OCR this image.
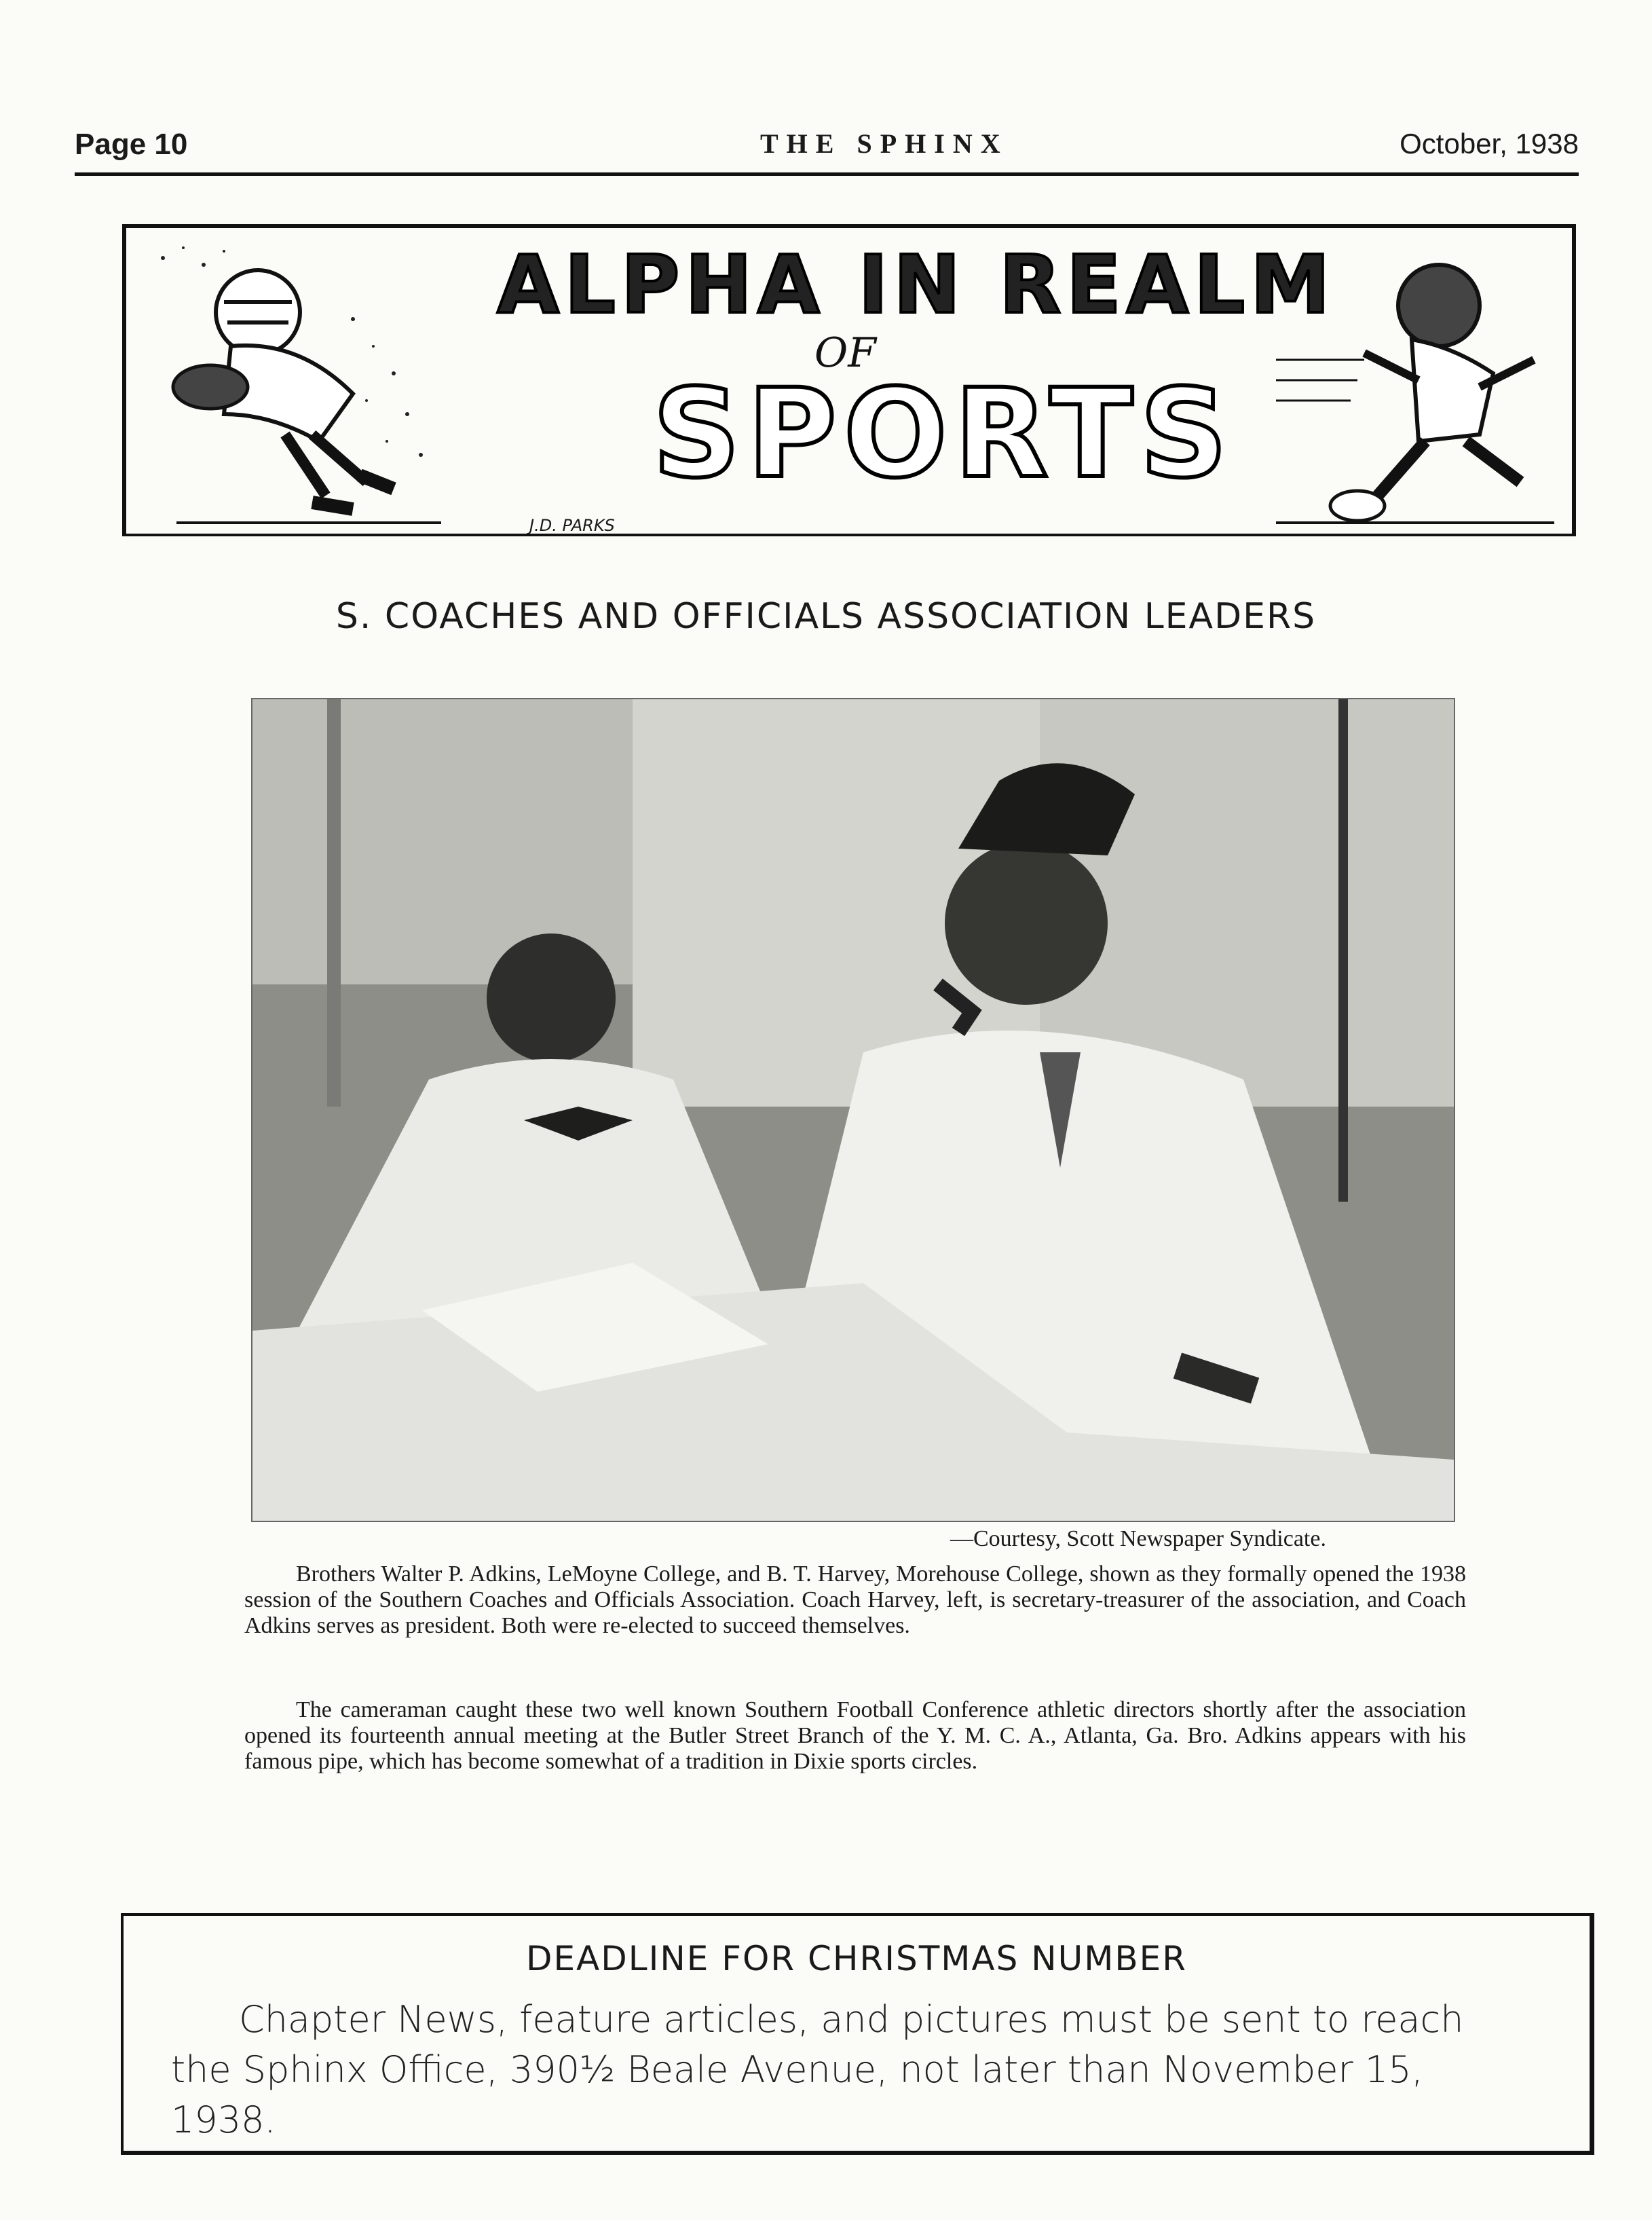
Page 10	THE SPHINX	October, 1938
ALPHA IN REALM
OF
SPORTS
J.D. PARKS
S. COACHES AND OFFICIALS ASSOCIATION LEADERS
—Courtesy, Scott Newspaper Syndicate.

Brothers Walter P. Adkins, LeMoyne College, and B. T. Harvey, Morehouse College, shown as they formally opened the 1938 session of the Southern Coaches and Officials Association. Coach Harvey, left, is secretary-treasurer of the association, and Coach Adkins serves as president. Both were re-elected to succeed themselves.

The cameraman caught these two well known Southern Football Conference athletic directors shortly after the association opened its fourteenth annual meeting at the Butler Street Branch of the Y. M. C. A., Atlanta, Ga. Bro. Adkins appears with his famous pipe, which has become somewhat of a tradition in Dixie sports circles.

DEADLINE FOR CHRISTMAS NUMBER

Chapter News, feature articles, and pictures must be sent to reach the Sphinx Office, 390½ Beale Avenue, not later than November 15, 1938.
